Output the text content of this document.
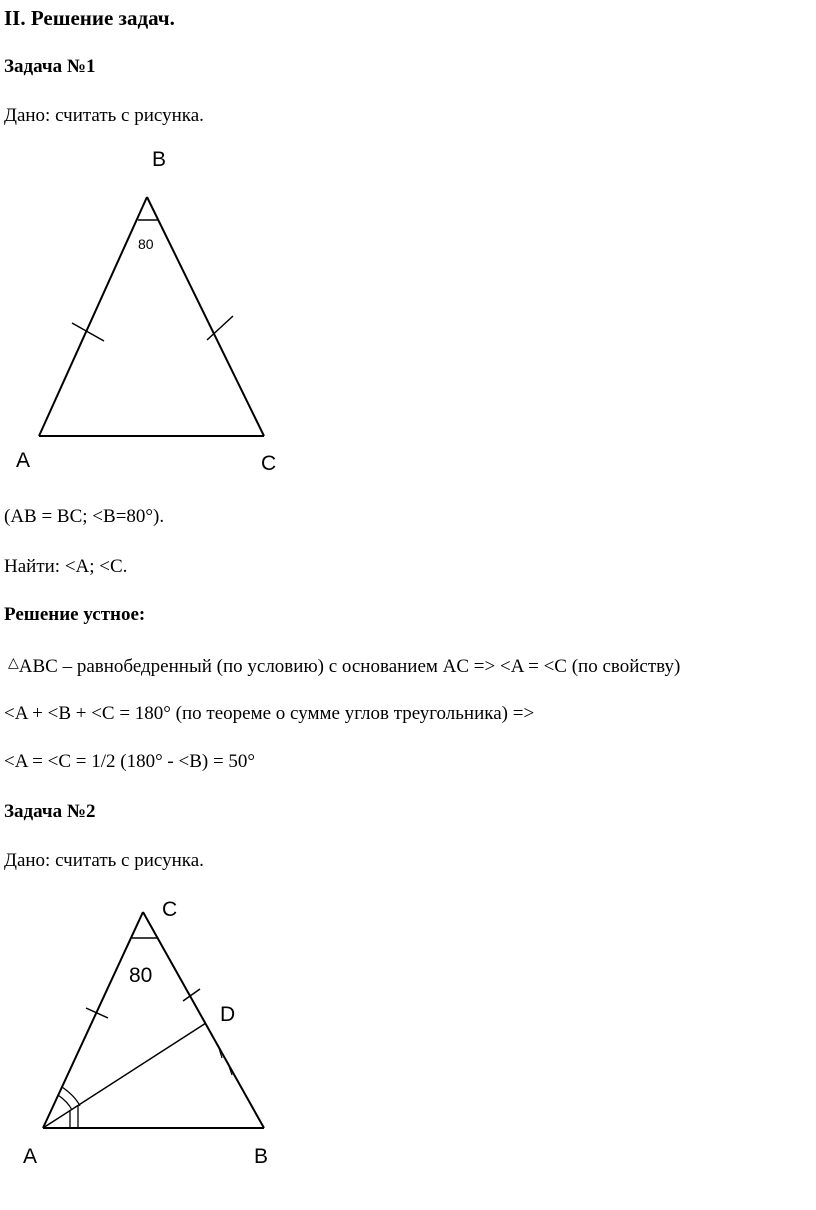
II. Решение задач.
Задача №1
Дано: считать с рисунка.
B
80
A	C
(AB = BC; <B=80°).
Найти: <A; <C.
Решение устное:
△ABC – равнобедренный (по условию) с основанием AC => <A = <C (по свойству)
<A + <B + <C = 180° (по теореме о сумме углов треугольника) =>
<A = <C = 1/2 (180° - <B) = 50°
Задача №2
Дано: считать с рисунка.
C
80
D
A	B
